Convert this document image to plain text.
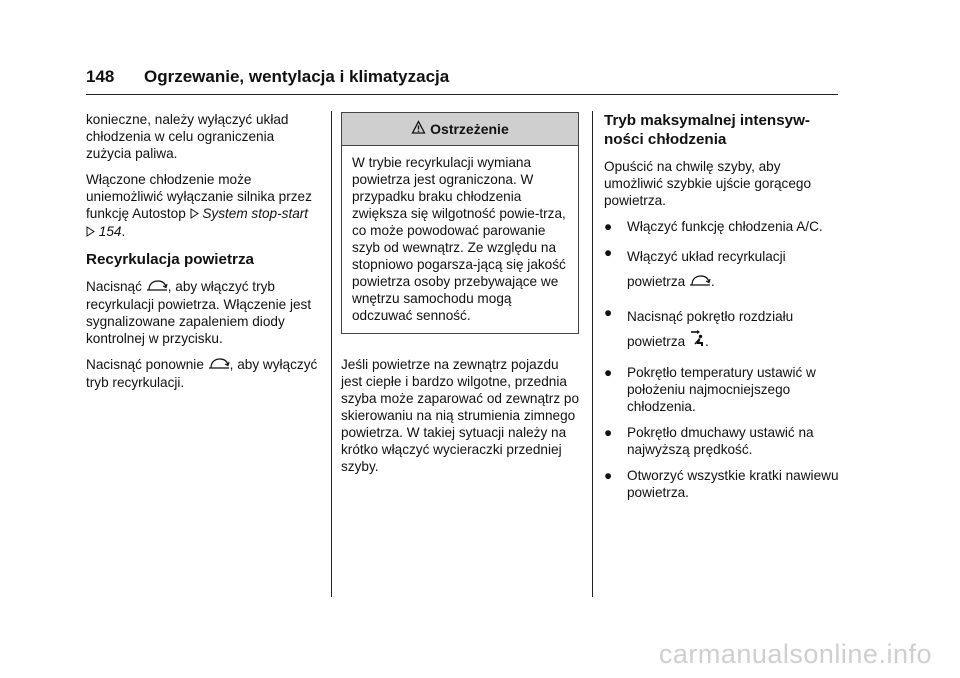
148 Ogrzewanie, wentylacja i klimatyzacja

konieczne, należy wyłączyć układ chłodzenia w celu ograniczenia zużycia paliwa.

Włączone chłodzenie może uniemożliwić wyłączanie silnika przez funkcję Autostop System stop-start  154.

Recyrkulacja powietrza

Nacisnąć , aby włączyć tryb recyrkulacji powietrza. Włączenie jest sygnalizowane zapaleniem diody kontrolnej w przycisku.

Nacisnąć ponownie , aby wyłączyć tryb recyrkulacji.

Ostrzeżenie
W trybie recyrkulacji wymiana powietrza jest ograniczona. W przypadku braku chłodzenia zwiększa się wilgotność powie-trza, co może powodować parowanie szyb od wewnątrz. Ze względu na stopniowo pogarsza-jącą się jakość powietrza osoby przebywające we wnętrzu samochodu mogą odczuwać senność.

Jeśli powietrze na zewnątrz pojazdu jest ciepłe i bardzo wilgotne, przednia szyba może zaparować od zewnątrz po skierowaniu na nią strumienia zimnego powietrza. W takiej sytuacji należy na krótko włączyć wycieraczki przedniej szyby.

Tryb maksymalnej intensyw-ności chłodzenia

Opuścić na chwilę szyby, aby umożliwić szybkie ujście gorącego powietrza.

● Włączyć funkcję chłodzenia A/C.
● Włączyć układ recyrkulacji powietrza .
● Nacisnąć pokrętło rozdziału powietrza .
● Pokrętło temperatury ustawić w położeniu najmocniejszego chłodzenia.
● Pokrętło dmuchawy ustawić na najwyższą prędkość.
● Otworzyć wszystkie kratki nawiewu powietrza.
carmanualsonline.info
